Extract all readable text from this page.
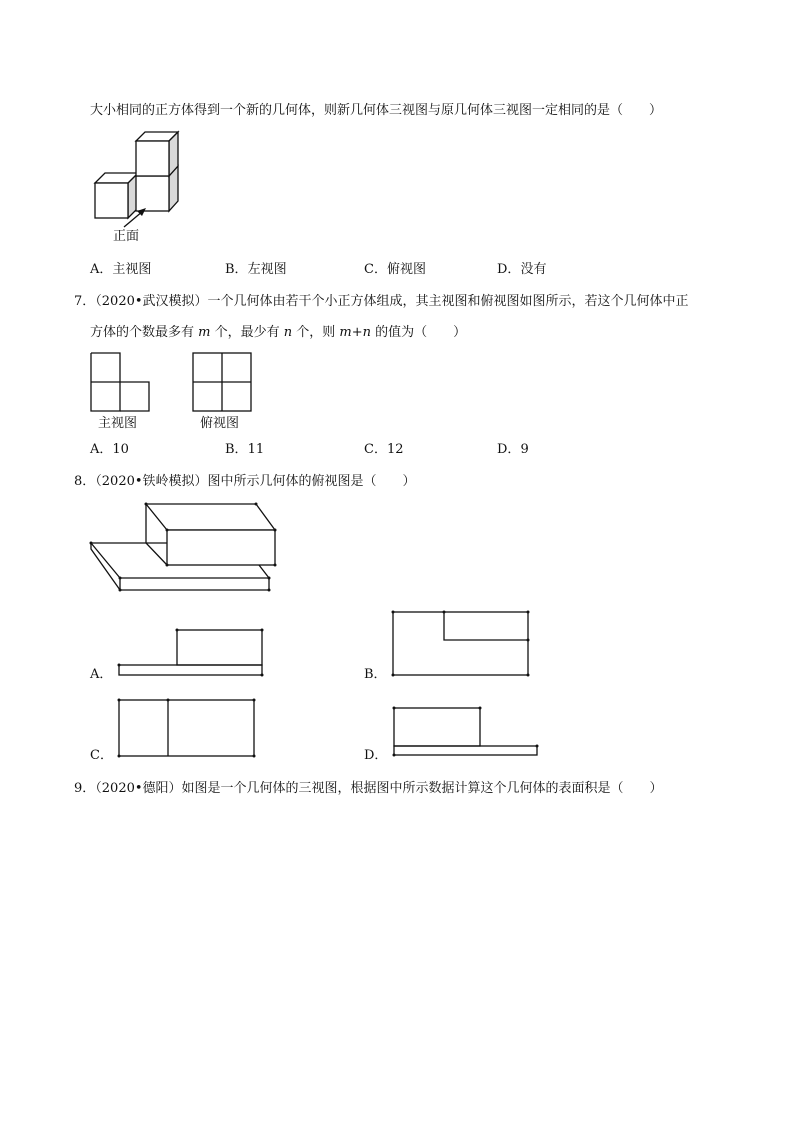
大小相同的正方体得到一个新的几何体，则新几何体三视图与原几何体三视图一定相同的是（　　）
正面
A．主视图	B．左视图	C．俯视图	D．没有
7．（2020•武汉模拟）一个几何体由若干个小正方体组成，其主视图和俯视图如图所示，若这个几何体中正
方体的个数最多有 m 个，最少有 n 个，则 m+n 的值为（　　）
主视图	俯视图
A．10	B．11	C．12	D．9
8．（2020•铁岭模拟）图中所示几何体的俯视图是（　　）
A．	B．
C．	D．
9．（2020•德阳）如图是一个几何体的三视图，根据图中所示数据计算这个几何体的表面积是（　　）
